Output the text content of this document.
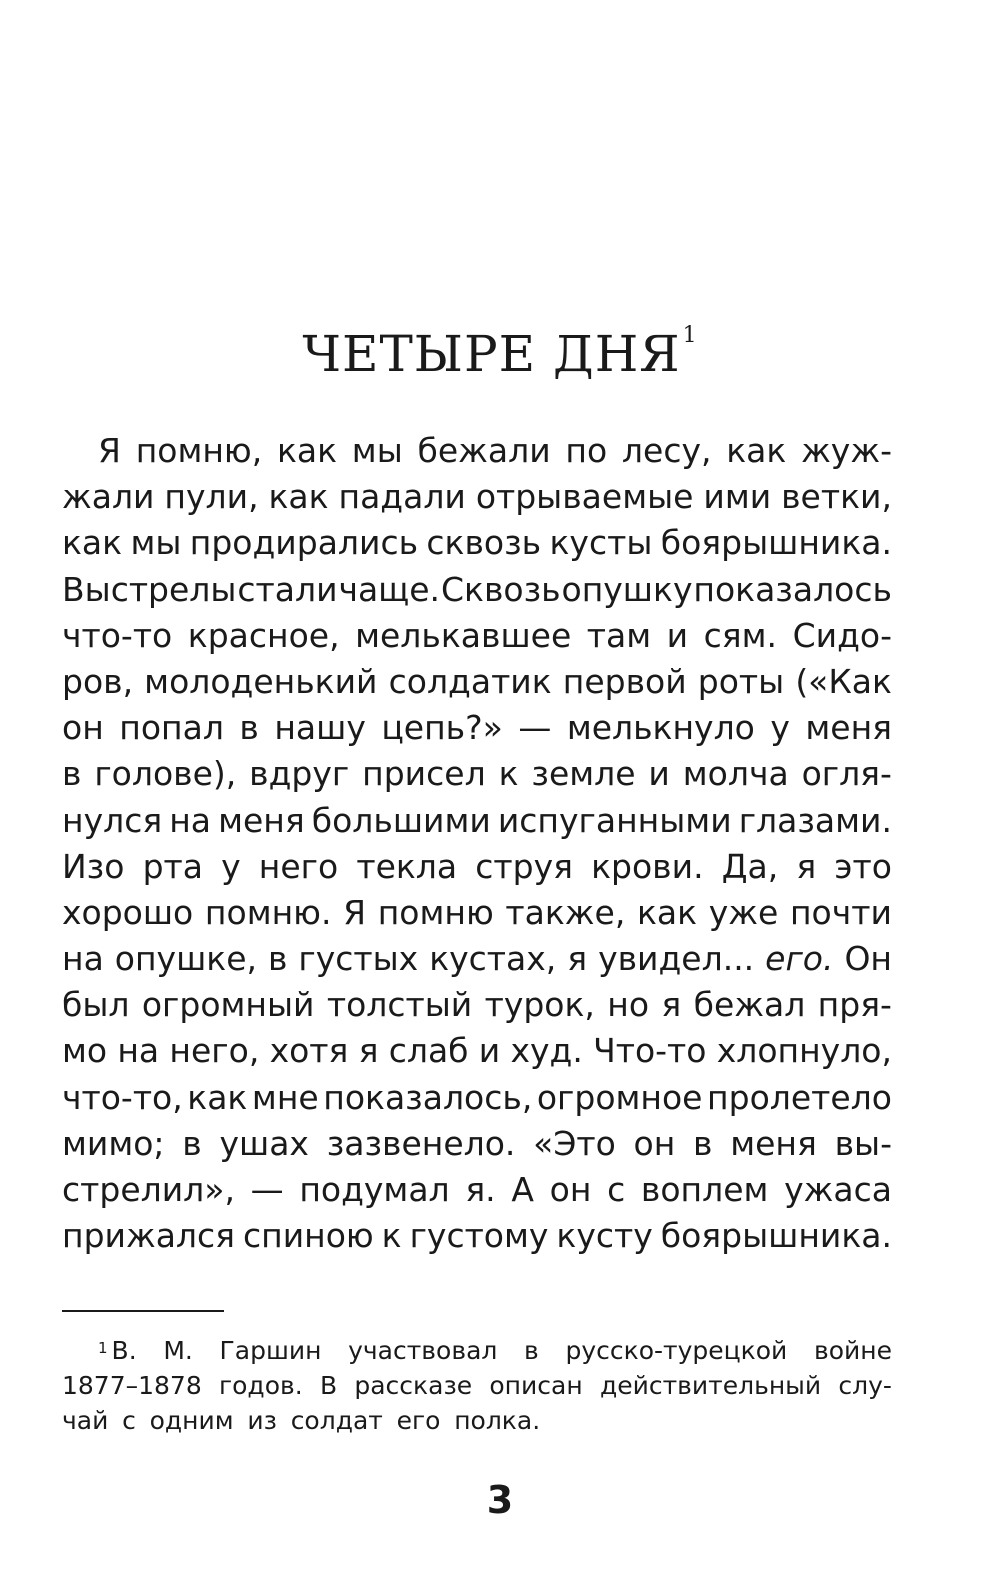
ЧЕТЫРЕ ДНЯ$^1$
Я помню, как мы бежали по лесу, как жуж-
жали пули, как падали отрываемые ими ветки,
как мы продирались сквозь кусты боярышника.
Выстрелы стали чаще. Сквозь опушку показалось
что-то красное, мелькавшее там и сям. Сидо-
ров, молоденький солдатик первой роты («Как
он попал в нашу цепь?» — мелькнуло у меня
в голове), вдруг присел к земле и молча огля-
нулся на меня большими испуганными глазами.
Изо рта у него текла струя крови. Да, я это
хорошо помню. Я помню также, как уже почти
на опушке, в густых кустах, я увидел... его. Он
был огромный толстый турок, но я бежал пря-
мо на него, хотя я слаб и худ. Что-то хлопнуло,
что-то, как мне показалось, огромное пролетело
мимо; в ушах зазвенело. «Это он в меня вы-
стрелил», — подумал я. А он с воплем ужаса
прижался спиною к густому кусту боярышника.
$^1$ В. М. Гаршин участвовал в русско-турецкой войне
1877–1878 годов. В рассказе описан действительный слу-
чай с одним из солдат его полка.
3
